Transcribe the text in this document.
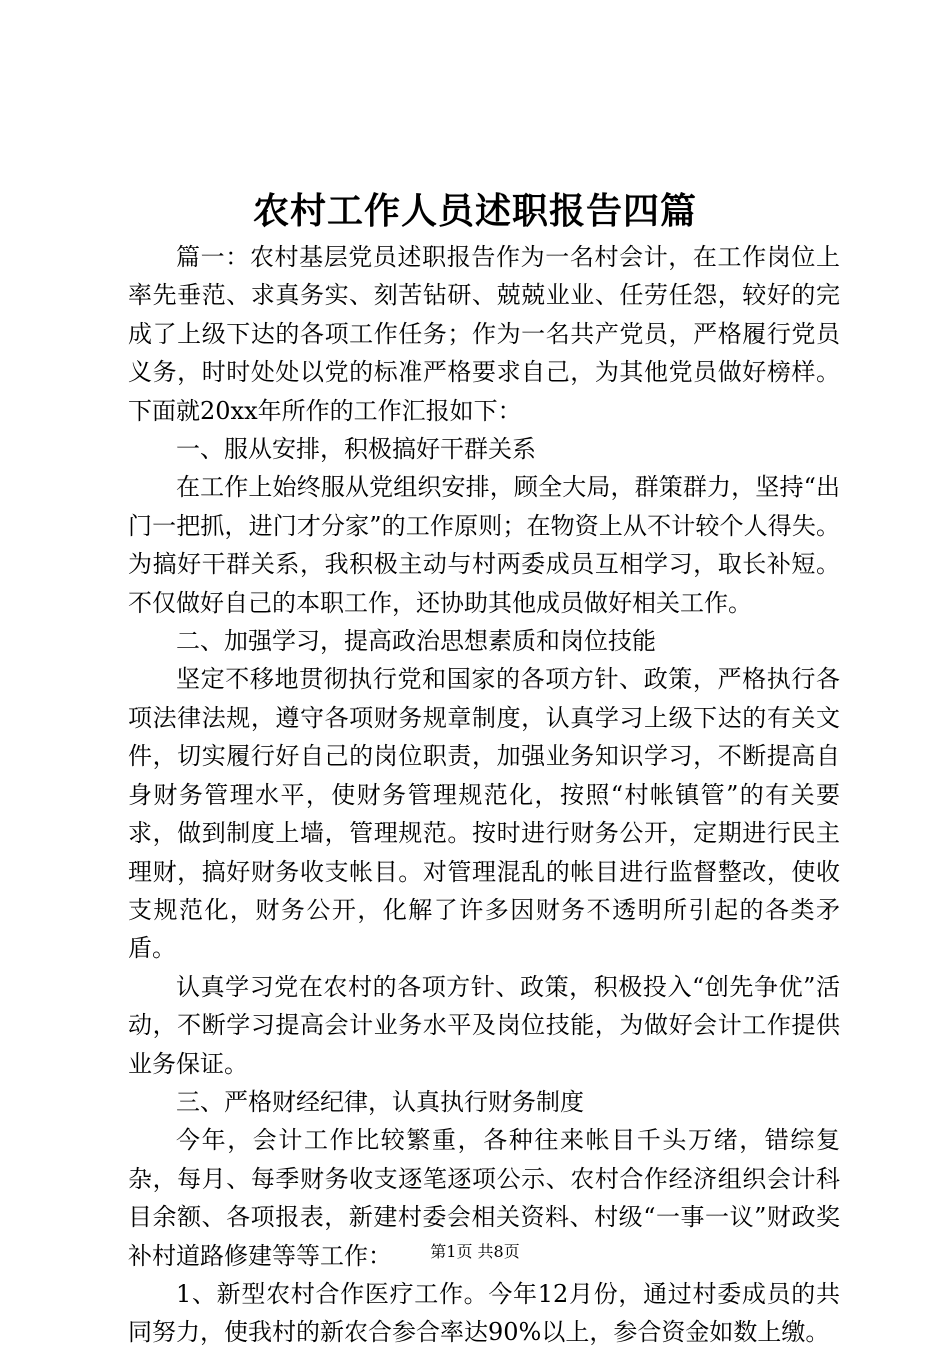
农村工作人员述职报告四篇

篇一：农村基层党员述职报告作为一名村会计，在工作岗位上率先垂范、求真务实、刻苦钻研、兢兢业业、任劳任怨，较好的完成了上级下达的各项工作任务；作为一名共产党员，严格履行党员义务，时时处处以党的标准严格要求自己，为其他党员做好榜样。下面就20xx年所作的工作汇报如下：

一、服从安排，积极搞好干群关系

在工作上始终服从党组织安排，顾全大局，群策群力，坚持“出门一把抓，进门才分家”的工作原则；在物资上从不计较个人得失。为搞好干群关系，我积极主动与村两委成员互相学习，取长补短。不仅做好自己的本职工作，还协助其他成员做好相关工作。

二、加强学习，提高政治思想素质和岗位技能

坚定不移地贯彻执行党和国家的各项方针、政策，严格执行各项法律法规，遵守各项财务规章制度，认真学习上级下达的有关文件，切实履行好自己的岗位职责，加强业务知识学习，不断提高自身财务管理水平，使财务管理规范化，按照“村帐镇管”的有关要求，做到制度上墙，管理规范。按时进行财务公开，定期进行民主理财，搞好财务收支帐目。对管理混乱的帐目进行监督整改，使收支规范化，财务公开，化解了许多因财务不透明所引起的各类矛盾。

认真学习党在农村的各项方针、政策，积极投入“创先争优”活动，不断学习提高会计业务水平及岗位技能，为做好会计工作提供业务保证。

三、严格财经纪律，认真执行财务制度

今年，会计工作比较繁重，各种往来帐目千头万绪，错综复杂，每月、每季财务收支逐笔逐项公示、农村合作经济组织会计科目余额、各项报表，新建村委会相关资料、村级“一事一议”财政奖补村道路修建等等工作：

1、新型农村合作医疗工作。今年12月份，通过村委成员的共同努力，使我村的新农合参合率达90%以上，参合资金如数上缴。

第1页 共8页
